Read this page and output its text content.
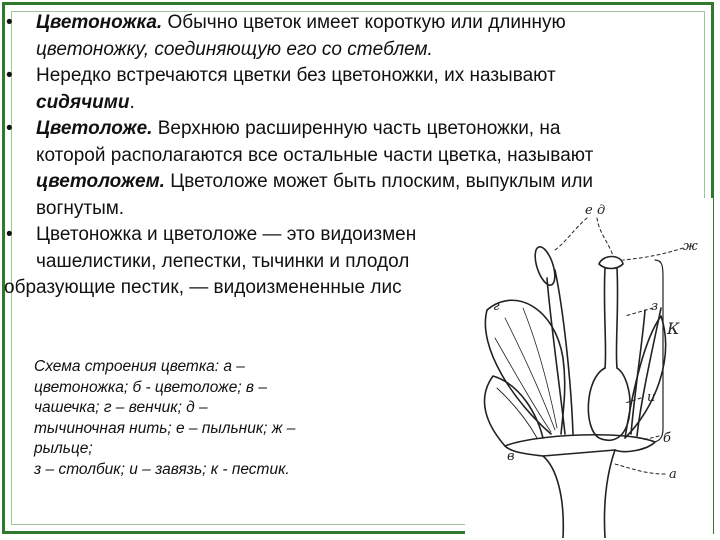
• Цветоножка. Обычно цветок имеет короткую или длинную
цветоножку, соединяющую его со стеблем.
• Нередко встречаются цветки без цветоножки, их называют
сидячими.
• Цветоложе. Верхнюю расширенную часть цветоножки, на
которой располагаются все остальные части цветка, называют
цветоложем. Цветоложе может быть плоским, выпуклым или
вогнутым.
• Цветоножка и цветоложе — это видоизмен
чашелистики, лепестки, тычинки и плодол
образующие пестик, — видоизмененные лис
Схема строения цветка: а –
цветоножка; б - цветоложе; в –
чашечка; г – венчик; д –
тычиночная нить; е – пыльник; ж –
рыльце;
з – столбик; и – завязь; к - пестик.
е д
ж
з
К
и
б
а
в
г
